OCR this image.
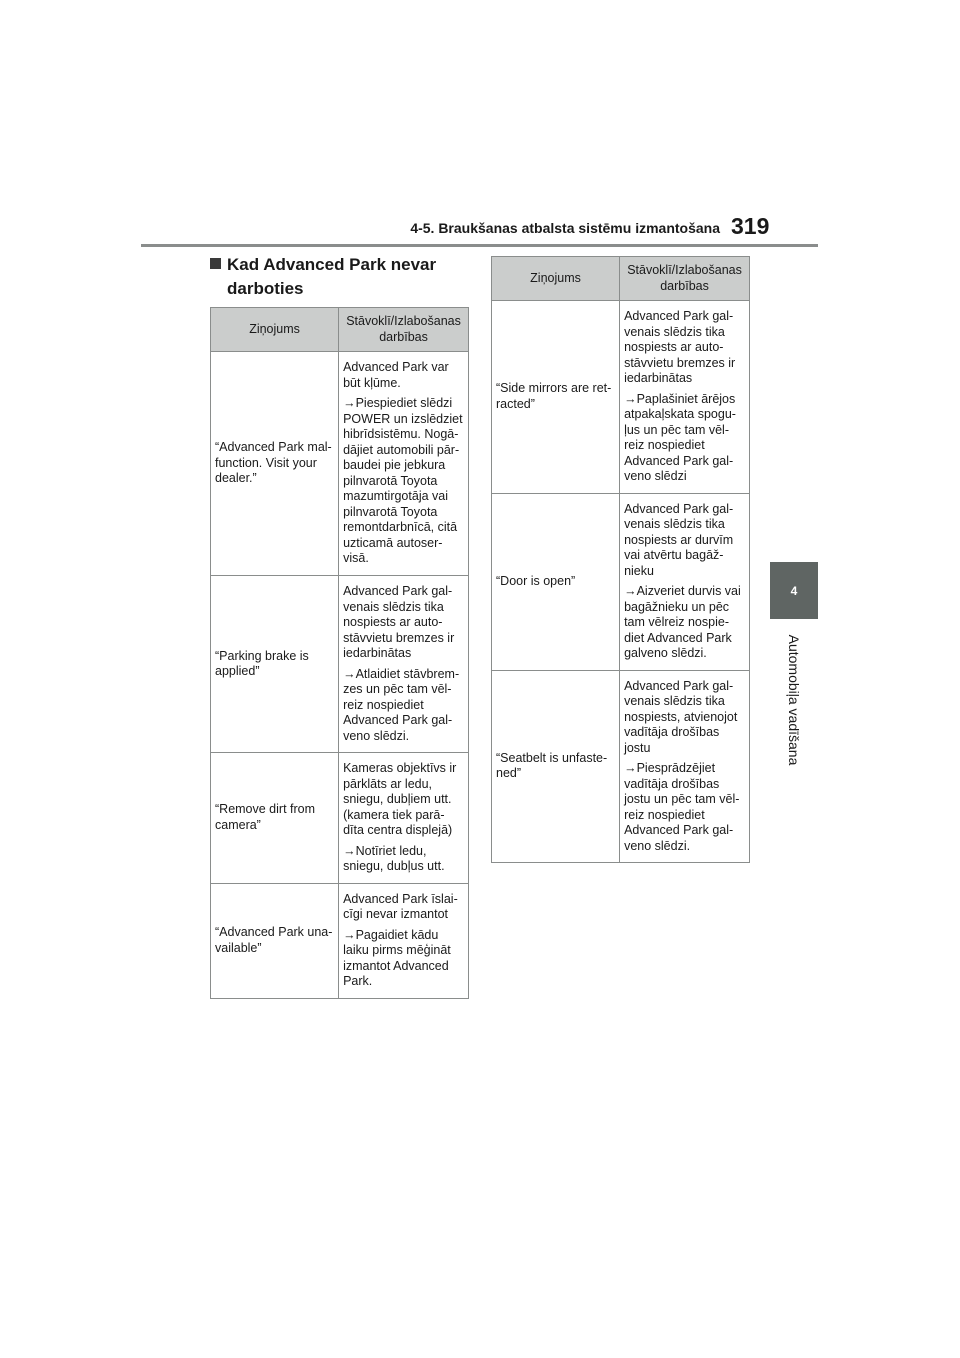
4-5. Braukšanas atbalsta sistēmu izmantošana 319
4
Automobiļa vadīšana
Kad Advanced Park nevar
darboties
Ziņojums	Stāvoklī/Izlabošanas darbības
“Advanced Park mal-function. Visit your dealer.”	Advanced Park var būt kļūme.
→Piespiediet slēdzi POWER un izslēdziet hibrīdsistēmu. Nogā-dājiet automobili pār-baudei pie jebkura pilnvarotā Toyota mazumtirgotāja vai pilnvarotā Toyota remontdarbnīcā, citā uzticamā autoser-visā.

“Parking brake is applied”	Advanced Park gal-venais slēdzis tika nospiests ar auto-stāvvietu bremzes ir iedarbinātas
→Atlaidiet stāvbrem-zes un pēc tam vēl-reiz nospiediet Advanced Park gal-veno slēdzi.

“Remove dirt from camera”	Kameras objektīvs ir pārklāts ar ledu, sniegu, dubļiem utt. (kamera tiek parā-dīta centra displejā)
→Notīriet ledu, sniegu, dubļus utt.

“Advanced Park una-vailable”	Advanced Park īslai-cīgi nevar izmantot
→Pagaidiet kādu laiku pirms mēģināt izmantot Advanced Park.
Ziņojums	Stāvoklī/Izlabošanas darbības
“Side mirrors are ret-racted”	Advanced Park gal-venais slēdzis tika nospiests ar auto-stāvvietu bremzes ir iedarbinātas
→Paplašiniet ārējos atpakaļskata spogu-ļus un pēc tam vēl-reiz nospiediet Advanced Park gal-veno slēdzi

“Door is open”	Advanced Park gal-venais slēdzis tika nospiests ar durvīm vai atvērtu bagāž-nieku
→Aizveriet durvis vai bagāžnieku un pēc tam vēlreiz nospie-diet Advanced Park galveno slēdzi.

“Seatbelt is unfaste-ned”	Advanced Park gal-venais slēdzis tika nospiests, atvienojot vadītāja drošības jostu
→Piesprādzējiet vadītāja drošības jostu un pēc tam vēl-reiz nospiediet Advanced Park gal-veno slēdzi.
